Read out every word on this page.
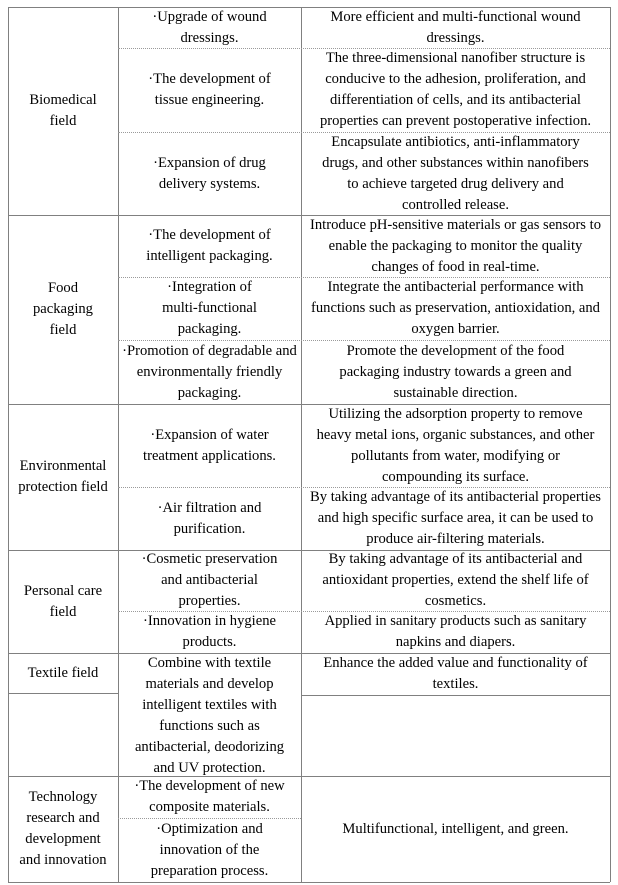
Biomedical field
Food packaging field
Environmental protection field
Personal care field
Textile field
Technology research and development and innovation
·Upgrade of wound dressings.
·The development of tissue engineering.
·Expansion of drug delivery systems.
·The development of intelligent packaging.
·Integration of multi-functional packaging.
·Promotion of degradable and environmentally friendly packaging.
·Expansion of water treatment applications.
·Air filtration and purification.
·Cosmetic preservation and antibacterial properties.
·Innovation in hygiene products.
Combine with textile materials and develop intelligent textiles with functions such as antibacterial, deodorizing and UV protection.
·The development of new composite materials.
·Optimization and innovation of the preparation process.
More efficient and multi-functional wound dressings.
The three-dimensional nanofiber structure is conducive to the adhesion, proliferation, and differentiation of cells, and its antibacterial properties can prevent postoperative infection.
Encapsulate antibiotics, anti-inflammatory drugs, and other substances within nanofibers to achieve targeted drug delivery and controlled release.
Introduce pH-sensitive materials or gas sensors to enable the packaging to monitor the quality changes of food in real-time.
Integrate the antibacterial performance with functions such as preservation, antioxidation, and oxygen barrier.
Promote the development of the food packaging industry towards a green and sustainable direction.
Utilizing the adsorption property to remove heavy metal ions, organic substances, and other pollutants from water, modifying or compounding its surface.
By taking advantage of its antibacterial properties and high specific surface area, it can be used to produce air-filtering materials.
By taking advantage of its antibacterial and antioxidant properties, extend the shelf life of cosmetics.
Applied in sanitary products such as sanitary napkins and diapers.
Enhance the added value and functionality of textiles.
Multifunctional, intelligent, and green.
